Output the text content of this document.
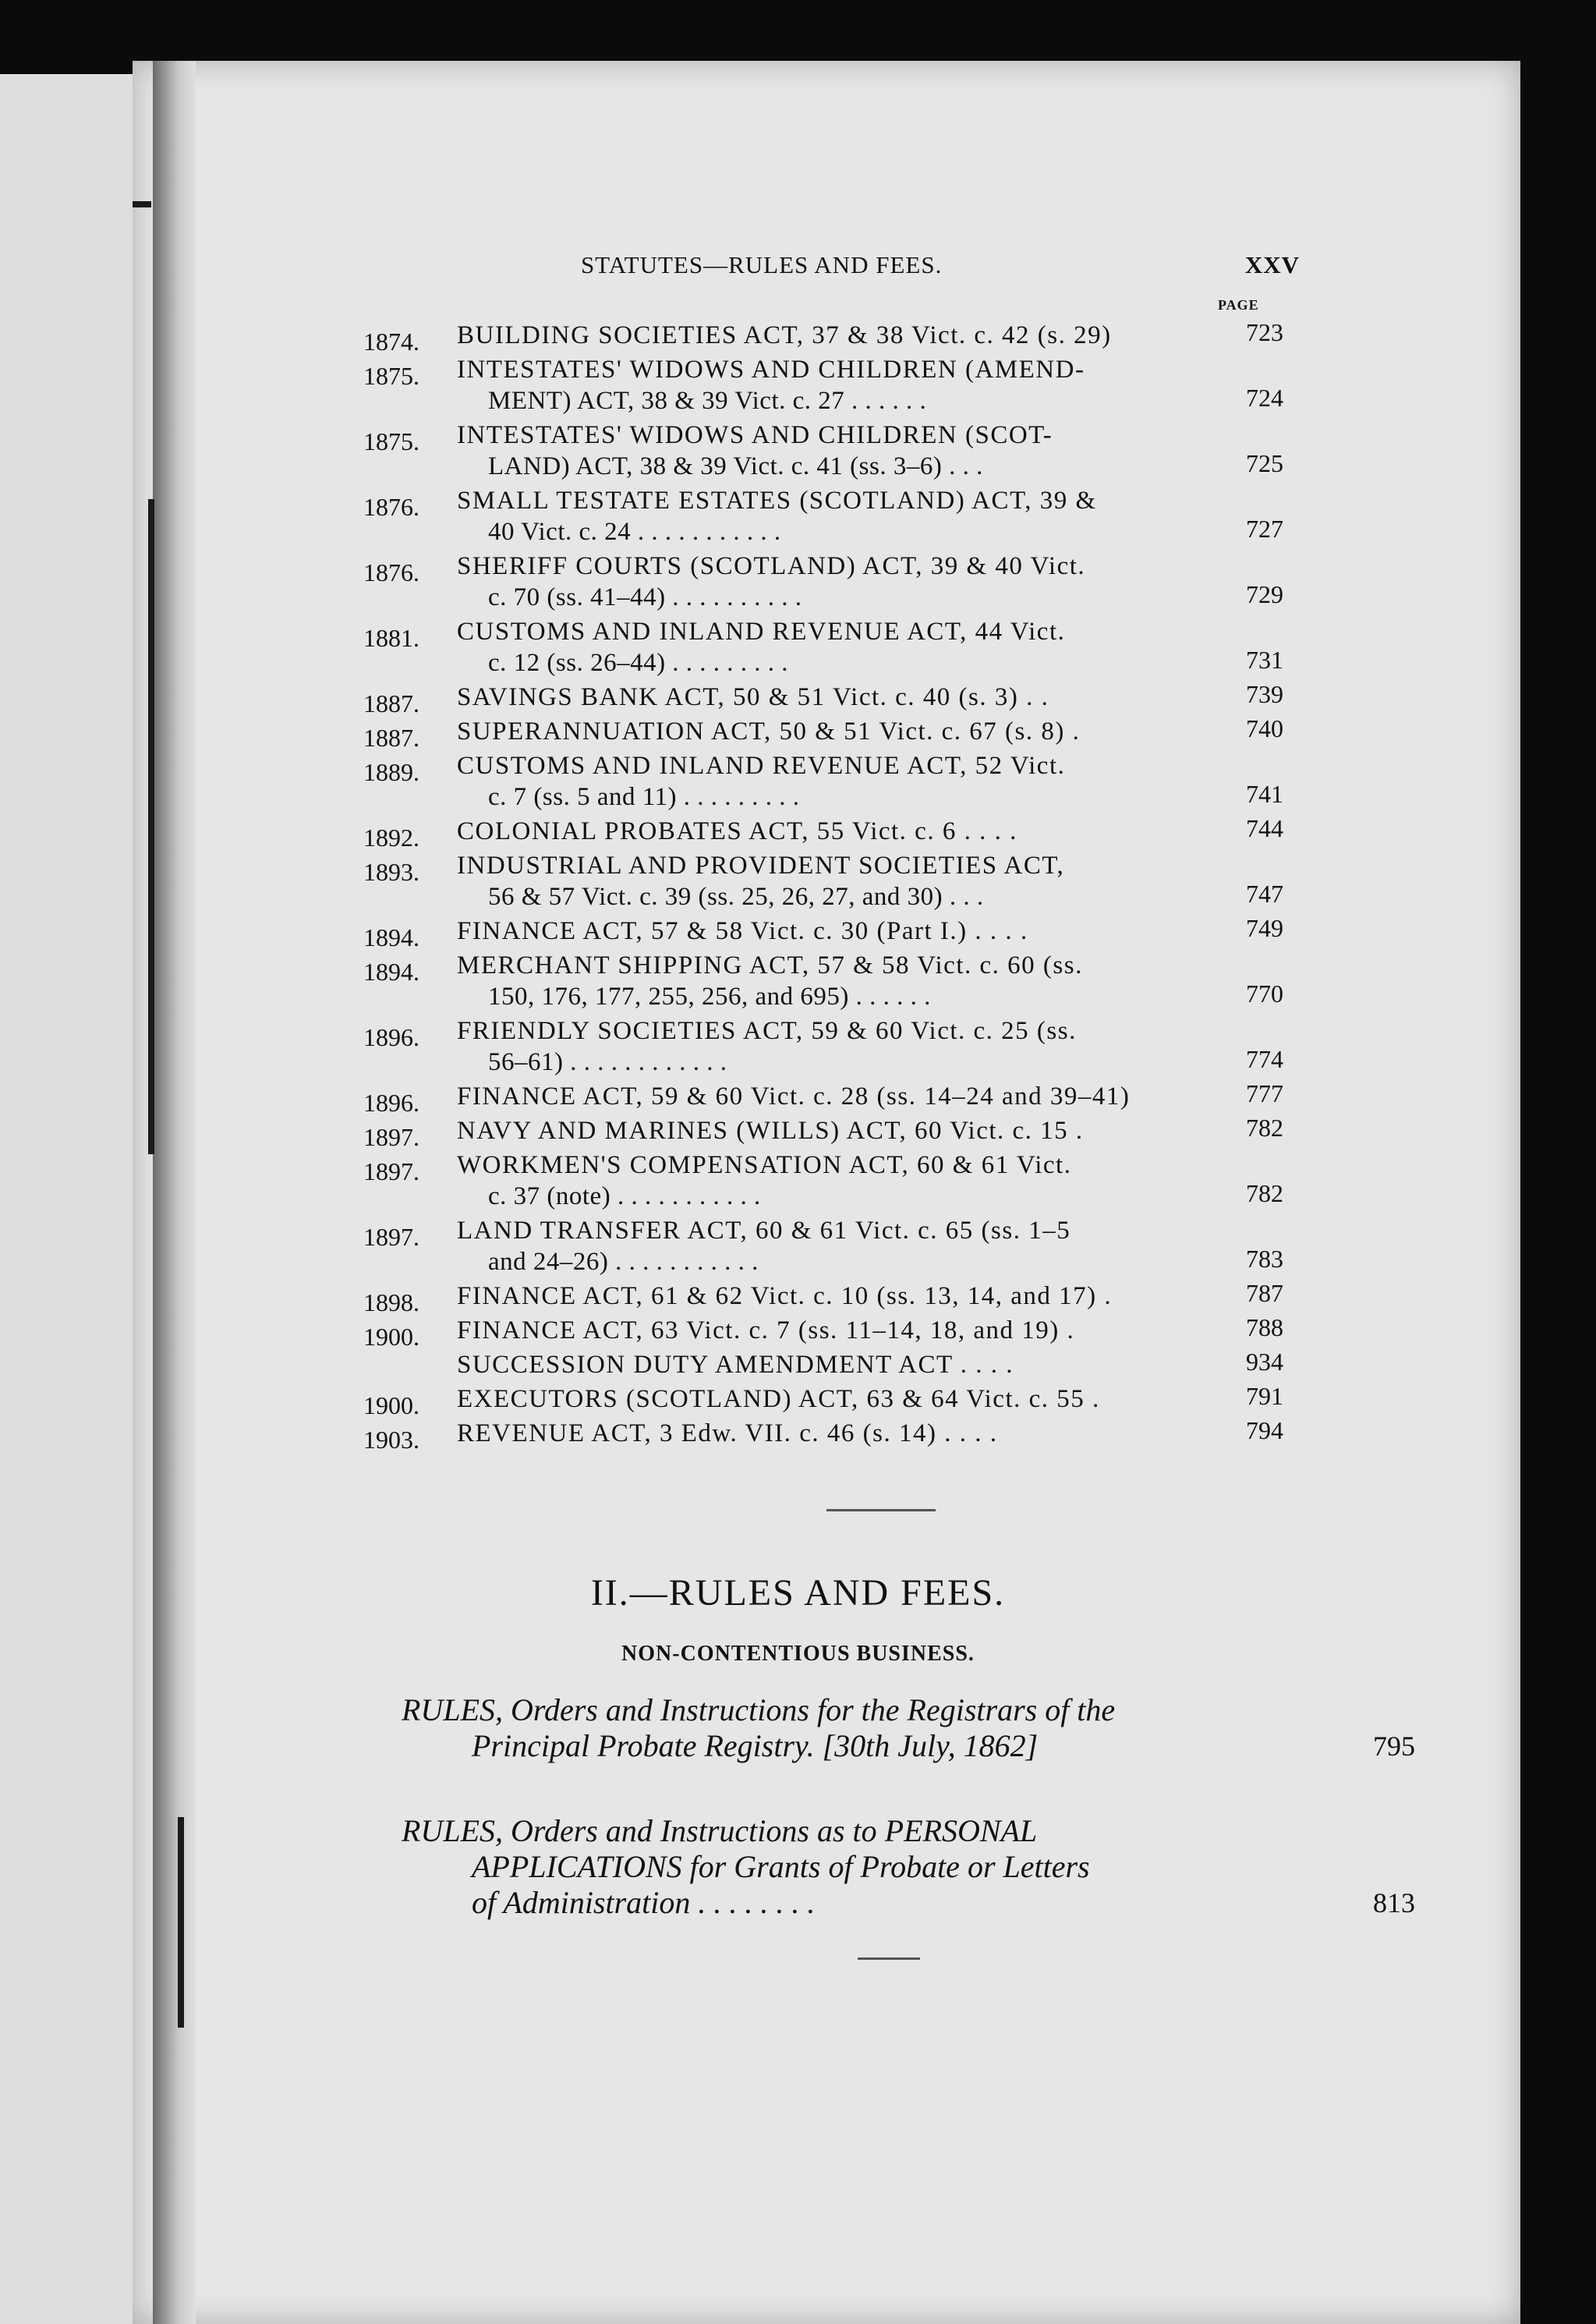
STATUTES—RULES AND FEES.	XXV
PAGE
1874.	BUILDING SOCIETIES ACT, 37 & 38 Vict. c. 42 (s. 29)	723
1875.	INTESTATES' WIDOWS AND CHILDREN (AMEND-
MENT) ACT, 38 & 39 Vict. c. 27 . . . . . .	724
1875.	INTESTATES' WIDOWS AND CHILDREN (SCOT-
LAND) ACT, 38 & 39 Vict. c. 41 (ss. 3–6) . . .	725
1876.	SMALL TESTATE ESTATES (SCOTLAND) ACT, 39 &
40 Vict. c. 24 . . . . . . . . . . .	727
1876.	SHERIFF COURTS (SCOTLAND) ACT, 39 & 40 Vict.
c. 70 (ss. 41–44) . . . . . . . . . .	729
1881.	CUSTOMS AND INLAND REVENUE ACT, 44 Vict.
c. 12 (ss. 26–44) . . . . . . . . .	731
1887.	SAVINGS BANK ACT, 50 & 51 Vict. c. 40 (s. 3) . .	739
1887.	SUPERANNUATION ACT, 50 & 51 Vict. c. 67 (s. 8) .	740
1889.	CUSTOMS AND INLAND REVENUE ACT, 52 Vict.
c. 7 (ss. 5 and 11) . . . . . . . . .	741
1892.	COLONIAL PROBATES ACT, 55 Vict. c. 6 . . . .	744
1893.	INDUSTRIAL AND PROVIDENT SOCIETIES ACT,
56 & 57 Vict. c. 39 (ss. 25, 26, 27, and 30) . . .	747
1894.	FINANCE ACT, 57 & 58 Vict. c. 30 (Part I.) . . . .	749
1894.	MERCHANT SHIPPING ACT, 57 & 58 Vict. c. 60 (ss.
150, 176, 177, 255, 256, and 695) . . . . . .	770
1896.	FRIENDLY SOCIETIES ACT, 59 & 60 Vict. c. 25 (ss.
56–61) . . . . . . . . . . . .	774
1896.	FINANCE ACT, 59 & 60 Vict. c. 28 (ss. 14–24 and 39–41)	777
1897.	NAVY AND MARINES (WILLS) ACT, 60 Vict. c. 15 .	782
1897.	WORKMEN'S COMPENSATION ACT, 60 & 61 Vict.
c. 37 (note) . . . . . . . . . . .	782
1897.	LAND TRANSFER ACT, 60 & 61 Vict. c. 65 (ss. 1–5
and 24–26) . . . . . . . . . . .	783
1898.	FINANCE ACT, 61 & 62 Vict. c. 10 (ss. 13, 14, and 17) .	787
1900.	FINANCE ACT, 63 Vict. c. 7 (ss. 11–14, 18, and 19) .	788
SUCCESSION DUTY AMENDMENT ACT . . . .	934
1900.	EXECUTORS (SCOTLAND) ACT, 63 & 64 Vict. c. 55 .	791
1903.	REVENUE ACT, 3 Edw. VII. c. 46 (s. 14) . . . .	794
II.—RULES AND FEES.
NON-CONTENTIOUS BUSINESS.
RULES, Orders and Instructions for the Registrars of the
Principal Probate Registry. [30th July, 1862]	795
RULES, Orders and Instructions as to PERSONAL
APPLICATIONS for Grants of Probate or Letters
of Administration . . . . . . . .	813
